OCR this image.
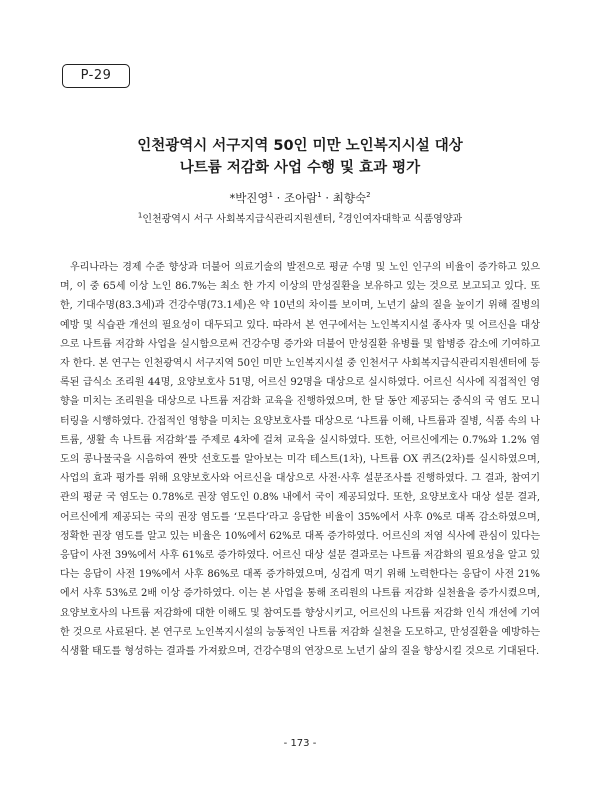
P-29
인천광역시 서구지역 50인 미만 노인복지시설 대상
나트륨 저감화 사업 수행 및 효과 평가
*박진영$^1$ · 조아람$^1$ · 최향숙$^2$
$^1$인천광역시 서구 사회복지급식관리지원센터, $^2$경인여자대학교 식품영양과

우리나라는 경제 수준 향상과 더불어 의료기술의 발전으로 평균 수명 및 노인 인구의 비율이 증가하고 있으며, 이 중 65세 이상 노인 86.7%는 최소 한 가지 이상의 만성질환을 보유하고 있는 것으로 보고되고 있다. 또한, 기대수명(83.3세)과 건강수명(73.1세)은 약 10년의 차이를 보이며, 노년기 삶의 질을 높이기 위해 질병의 예방 및 식습관 개선의 필요성이 대두되고 있다. 따라서 본 연구에서는 노인복지시설 종사자 및 어르신을 대상으로 나트륨 저감화 사업을 실시함으로써 건강수명 증가와 더불어 만성질환 유병률 및 합병증 감소에 기여하고자 한다. 본 연구는 인천광역시 서구지역 50인 미만 노인복지시설 중 인천서구 사회복지급식관리지원센터에 등록된 급식소 조리원 44명, 요양보호사 51명, 어르신 92명을 대상으로 실시하였다. 어르신 식사에 직접적인 영향을 미치는 조리원을 대상으로 나트륨 저감화 교육을 진행하였으며, 한 달 동안 제공되는 중식의 국 염도 모니터링을 시행하였다. 간접적인 영향을 미치는 요양보호사를 대상으로 ‘나트륨 이해, 나트륨과 질병, 식품 속의 나트륨, 생활 속 나트륨 저감화’를 주제로 4차에 걸쳐 교육을 실시하였다. 또한, 어르신에게는 0.7%와 1.2% 염도의 콩나물국을 시음하여 짠맛 선호도를 알아보는 미각 테스트(1차), 나트륨 OX 퀴즈(2차)를 실시하였으며, 사업의 효과 평가를 위해 요양보호사와 어르신을 대상으로 사전·사후 설문조사를 진행하였다. 그 결과, 참여기관의 평균 국 염도는 0.78%로 권장 염도인 0.8% 내에서 국이 제공되었다. 또한, 요양보호사 대상 설문 결과, 어르신에게 제공되는 국의 권장 염도를 ‘모른다’라고 응답한 비율이 35%에서 사후 0%로 대폭 감소하였으며, 정확한 권장 염도를 알고 있는 비율은 10%에서 62%로 대폭 증가하였다. 어르신의 저염 식사에 관심이 있다는 응답이 사전 39%에서 사후 61%로 증가하였다. 어르신 대상 설문 결과로는 나트륨 저감화의 필요성을 알고 있다는 응답이 사전 19%에서 사후 86%로 대폭 증가하였으며, 싱겁게 먹기 위해 노력한다는 응답이 사전 21%에서 사후 53%로 2배 이상 증가하였다. 이는 본 사업을 통해 조리원의 나트륨 저감화 실천율을 증가시켰으며, 요양보호사의 나트륨 저감화에 대한 이해도 및 참여도를 향상시키고, 어르신의 나트륨 저감화 인식 개선에 기여한 것으로 사료된다. 본 연구로 노인복지시설의 능동적인 나트륨 저감화 실천을 도모하고, 만성질환을 예방하는 식생활 태도를 형성하는 결과를 가져왔으며, 건강수명의 연장으로 노년기 삶의 질을 향상시킬 것으로 기대된다.

- 173 -
